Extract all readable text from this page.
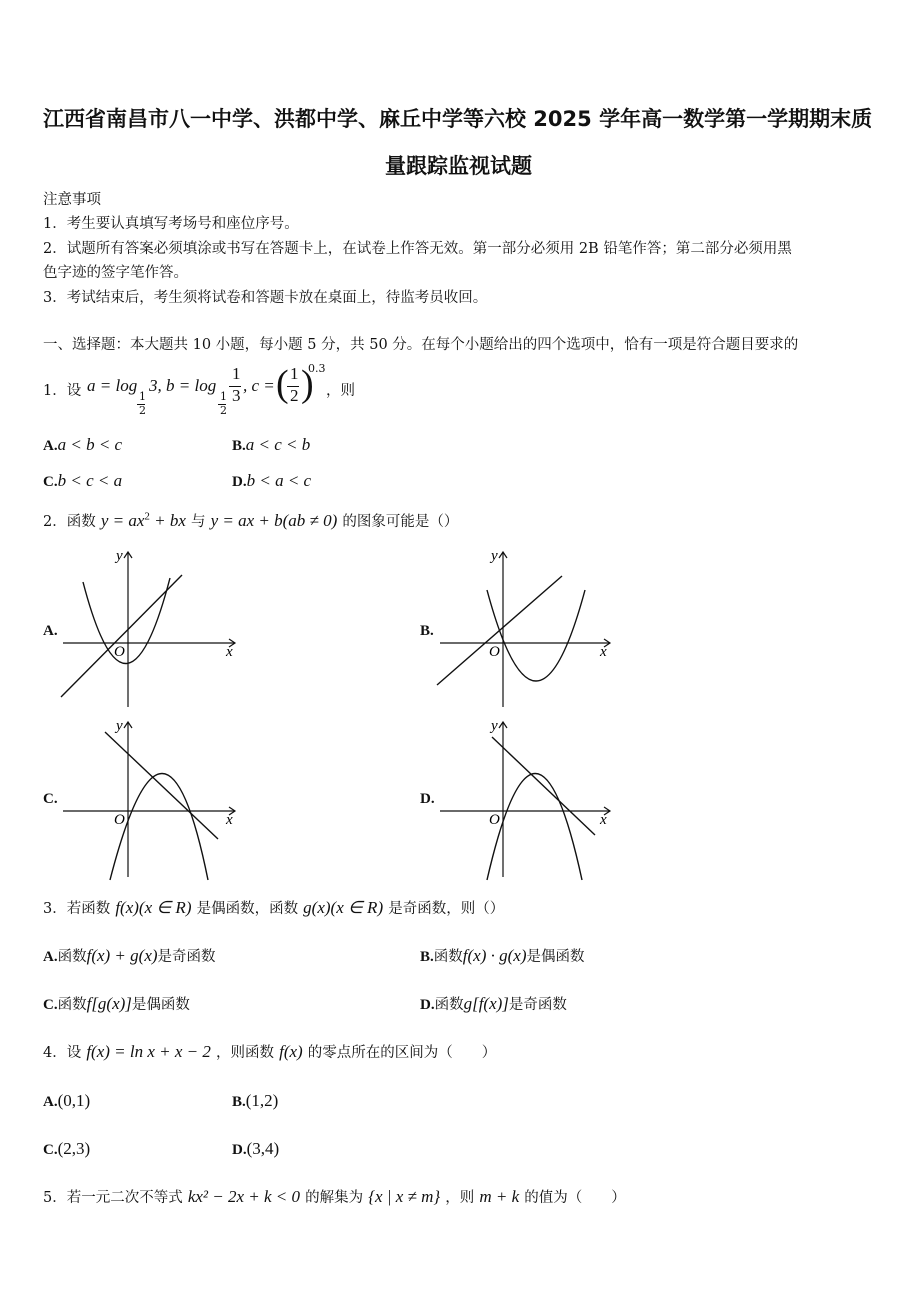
江西省南昌市八一中学、洪都中学、麻丘中学等六校 2025 学年高一数学第一学期期末质
量跟踪监视试题
注意事项
1．考生要认真填写考场号和座位序号。
2．试题所有答案必须填涂或书写在答题卡上，在试卷上作答无效。第一部分必须用 2B 铅笔作答；第二部分必须用黑
色字迹的签字笔作答。
3．考试结束后，考生须将试卷和答题卡放在桌面上，待监考员收回。
一、选择题：本大题共 10 小题，每小题 5 分，共 50 分。在每个小题给出的四个选项中，恰有一项是符合题目要求的
1．设 a = log
1
2
3, b = log
1
2
1
3
, c = ( 1
2 )
0.3
，则
A.a < b < c	B.a < c < b
C.b < c < a	D.b < a < c
2．函数 $y = ax^2$ + bx 与 y = ax + b(ab ≠ 0) 的图象可能是（）
A.
x
y
O
B.
x
y
O
C.
x
y
O
D.
x
y
O
3．若函数 f(x)(x ∈ R) 是偶函数，函数 g(x)(x ∈ R) 是奇函数，则（）
A.函数f(x) + g(x)是奇函数	B.函数f(x) · g(x)是偶函数
C.函数f[g(x)]是偶函数	D.函数g[f(x)]是奇函数
4．设 f(x) = ln x + x − 2 ，则函数 f(x) 的零点所在的区间为（　　）
A.(0,1)	B.(1,2)
C.(2,3)	D.(3,4)
5．若一元二次不等式 kx² − 2x + k < 0 的解集为 {x | x ≠ m} ，则 m + k 的值为（　　）
